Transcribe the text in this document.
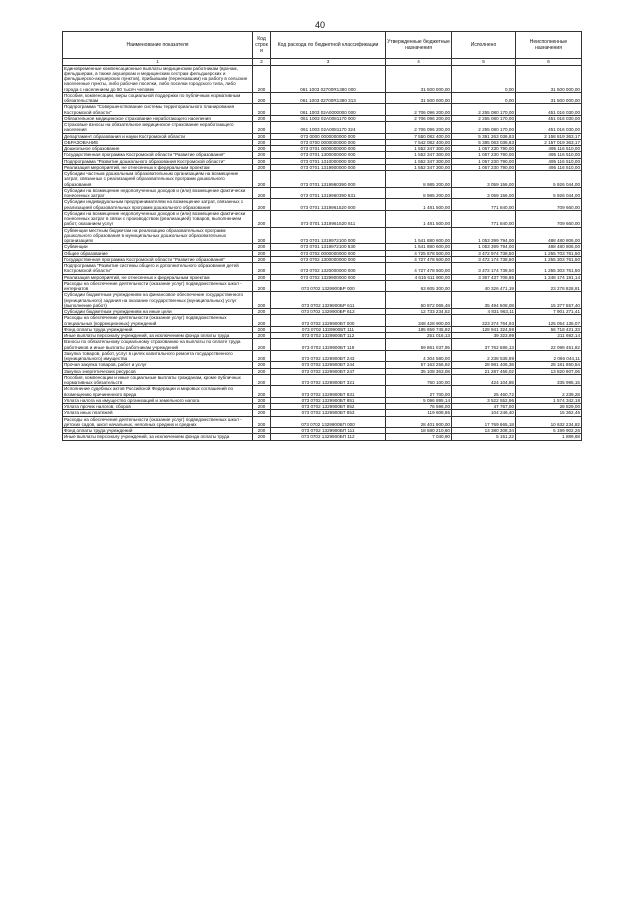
40
Наименование показателя	Код строки	Код расхода по бюджетной классификации	Утвержденные бюджетные назначения	Исполнено	Неисполненные назначения
1	2	3	4	5	6
Единовременные компенсационные выплаты медицинским работникам (врачам, фельдшерам, а также акушеркам и медицинским сестрам фельдшерских и фельдшерско-акушерских пунктов), прибывшим (переехавшим) на работу в сельские населенные пункты, либо рабочие поселки, либо поселки городского типа, либо города с населением до 50 тысяч человек	200	061 1003 02700R1380 000	31 500 000,00	0,00	31 500 000,00
Пособия, компенсации, меры социальной поддержки по публичным нормативным обязательствам	200	061 1003 02700R1380 313	31 500 000,00	0,00	31 500 000,00
Подпрограмма "Совершенствование системы территориального планирования Костромской области"	200	061 1003 02А0000000 000	2 706 096 200,00	2 255 080 170,00	451 016 030,00
Обязательное медицинское страхование неработающего населения	200	061 1003 02А0081170 000	2 706 096 200,00	2 255 080 170,00	451 016 030,00
Страховые взносы на обязательное медицинское страхование неработающего населения	200	061 1003 02А0081170 324	2 706 096 200,00	2 255 080 170,00	451 016 030,00
Департамент образования и науки Костромской области	200	073 0000 0000000000 000	7 550 082 400,00	5 391 263 036,83	2 158 819 363,17
ОБРАЗОВАНИЕ	200	073 0700 0000000000 000	7 542 082 400,00	5 385 063 036,83	2 157 019 363,17
Дошкольное образование	200	073 0701 0000000000 000	1 552 347 300,00	1 057 230 790,00	495 116 510,00
Государственная программа Костромской области "Развитие образования"	200	073 0701 1300000000 000	1 552 347 300,00	1 057 230 790,00	495 116 510,00
Подпрограмма "Развитие дошкольного образования Костромской области"	200	073 0701 1310000000 000	1 552 347 300,00	1 057 230 790,00	495 116 510,00
Реализация мероприятий, не отнесенных к федеральным проектам	200	073 0701 1319900000 000	1 552 347 300,00	1 057 230 790,00	495 116 510,00
Субсидии частным дошкольным образовательным организациям на возмещение затрат, связанных с реализацией образовательных программ дошкольного образования	200	073 0701 1319960390 000	8 985 200,00	3 059 156,00	5 926 044,00
Субсидии на возмещение недополученных доходов и (или) возмещение фактически понесенных затрат	200	073 0701 1319960390 631	8 985 200,00	3 059 156,00	5 926 044,00
Субсидии индивидуальным предпринимателям на возмещение затрат, связанных с реализацией образовательных программ дошкольного образования	200	073 0701 1319961520 000	1 481 500,00	771 840,00	709 660,00
Субсидии на возмещение недополученных доходов и (или) возмещение фактически понесенных затрат в связи с производством (реализацией) товаров, выполнением работ, оказанием услуг	200	073 0701 1319961520 811	1 481 500,00	771 840,00	709 660,00
Субвенции местным бюджетам на реализацию образовательных программ дошкольного образования в муниципальных дошкольных образовательных организациях	200	073 0701 1319972100 000	1 541 880 600,00	1 053 399 794,00	488 480 806,00
Субвенции	200	073 0701 1319972100 530	1 541 880 600,00	1 053 399 794,00	488 480 806,00
Общее образование	200	073 0702 0000000000 000	4 725 678 500,00	3 472 974 738,50	1 255 703 761,50
Государственная программа Костромской области "Развитие образования"	200	073 0702 1300000000 000	4 727 478 500,00	3 472 174 738,50	1 255 303 761,50
Подпрограмма "Развитие системы общего и дополнительного образования детей Костромской области"	200	073 0702 1320000000 000	4 727 478 500,00	3 472 174 738,50	1 255 303 761,50
Реализация мероприятий, не отнесенных к федеральным проектам	200	073 0702 1329900000 000	4 615 611 900,00	3 367 437 708,86	1 248 174 191,14
Расходы на обеспечение деятельности (оказание услуг) подведомственных школ - интернатов	200	073 0702 1329900БР 000	63 605 300,00	40 326 471,19	23 278 828,81
Субсидии бюджетным учреждениям на финансовое обеспечение государственного (муниципального) задания на оказание государственных (муниципальных) услуг (выполнение работ)	200	073 0702 1329900БР 611	50 872 065,48	35 494 508,08	15 377 557,40
Субсидии бюджетным учреждениям на иные цели	200	073 0702 1329900БР 612	12 733 234,52	4 831 963,11	7 901 271,41
Расходы на обеспечение деятельности (оказание услуг) подведомственных специальных (коррекционных) учреждений	200	073 0702 1329900БТ 000	348 428 900,00	223 374 764,93	125 054 135,07
Фонд оплаты труда учреждений	200	073 0702 1329900БТ 111	185 659 745,92	128 941 324,59	56 718 421,33
Иные выплаты персоналу учреждений, за исключением фонда оплаты труда	200	073 0702 1329900БТ 112	251 016,13	39 323,99	211 692,14
Взносы по обязательному социальному страхованию на выплаты по оплате труда работников и иные выплаты работникам учреждений	200	073 0702 1329900БТ 119	59 861 037,95	37 762 586,13	22 098 451,82
Закупка товаров, работ, услуг в целях капитального ремонта государственного (муниципального) имущества	200	073 0702 1329900БТ 243	4 304 580,00	2 238 535,89	2 066 044,11
Прочая закупка товаров, работ и услуг	200	073 0702 1329900БТ 244	57 163 256,92	28 981 406,38	28 181 850,54
Закупка энергетических ресурсов	200	073 0702 1329900БТ 247	35 108 363,08	21 287 456,02	13 820 907,06
Пособия, компенсации и иные социальные выплаты гражданам, кроме публичных нормативных обязательств	200	073 0702 1329900БТ 321	760 100,00	424 104,85	335 995,15
Исполнение судебных актов Российской Федерации и мировых соглашений по возмещению причиненного вреда	200	073 0702 1329900БТ 831	27 700,00	25 460,72	2 239,28
Уплата налога на имущество организаций и земельного налога	200	073 0702 1329900БТ 851	5 096 895,14	3 522 552,96	1 574 342,18
Уплата прочих налогов, сборов	200	073 0702 1329900БТ 852	76 596,00	47 767,00	28 829,00
Уплата иных платежей	200	073 0702 1329900БТ 853	119 608,86	104 246,40	15 362,46
Расходы на обеспечение деятельности (оказание услуг) подведомственных школ - детских садов, школ начальных, неполных средних и средних	200	073 0702 1329900БП 000	28 401 900,00	17 769 665,18	10 632 234,82
Фонд оплаты труда учреждений	200	073 0702 1329900БП 111	18 580 210,60	13 380 308,34	5 199 902,26
Иные выплаты персоналу учреждений, за исключением фонда оплаты труда	200	073 0702 1329900БП 112	7 040,90	5 151,22	1 889,68
